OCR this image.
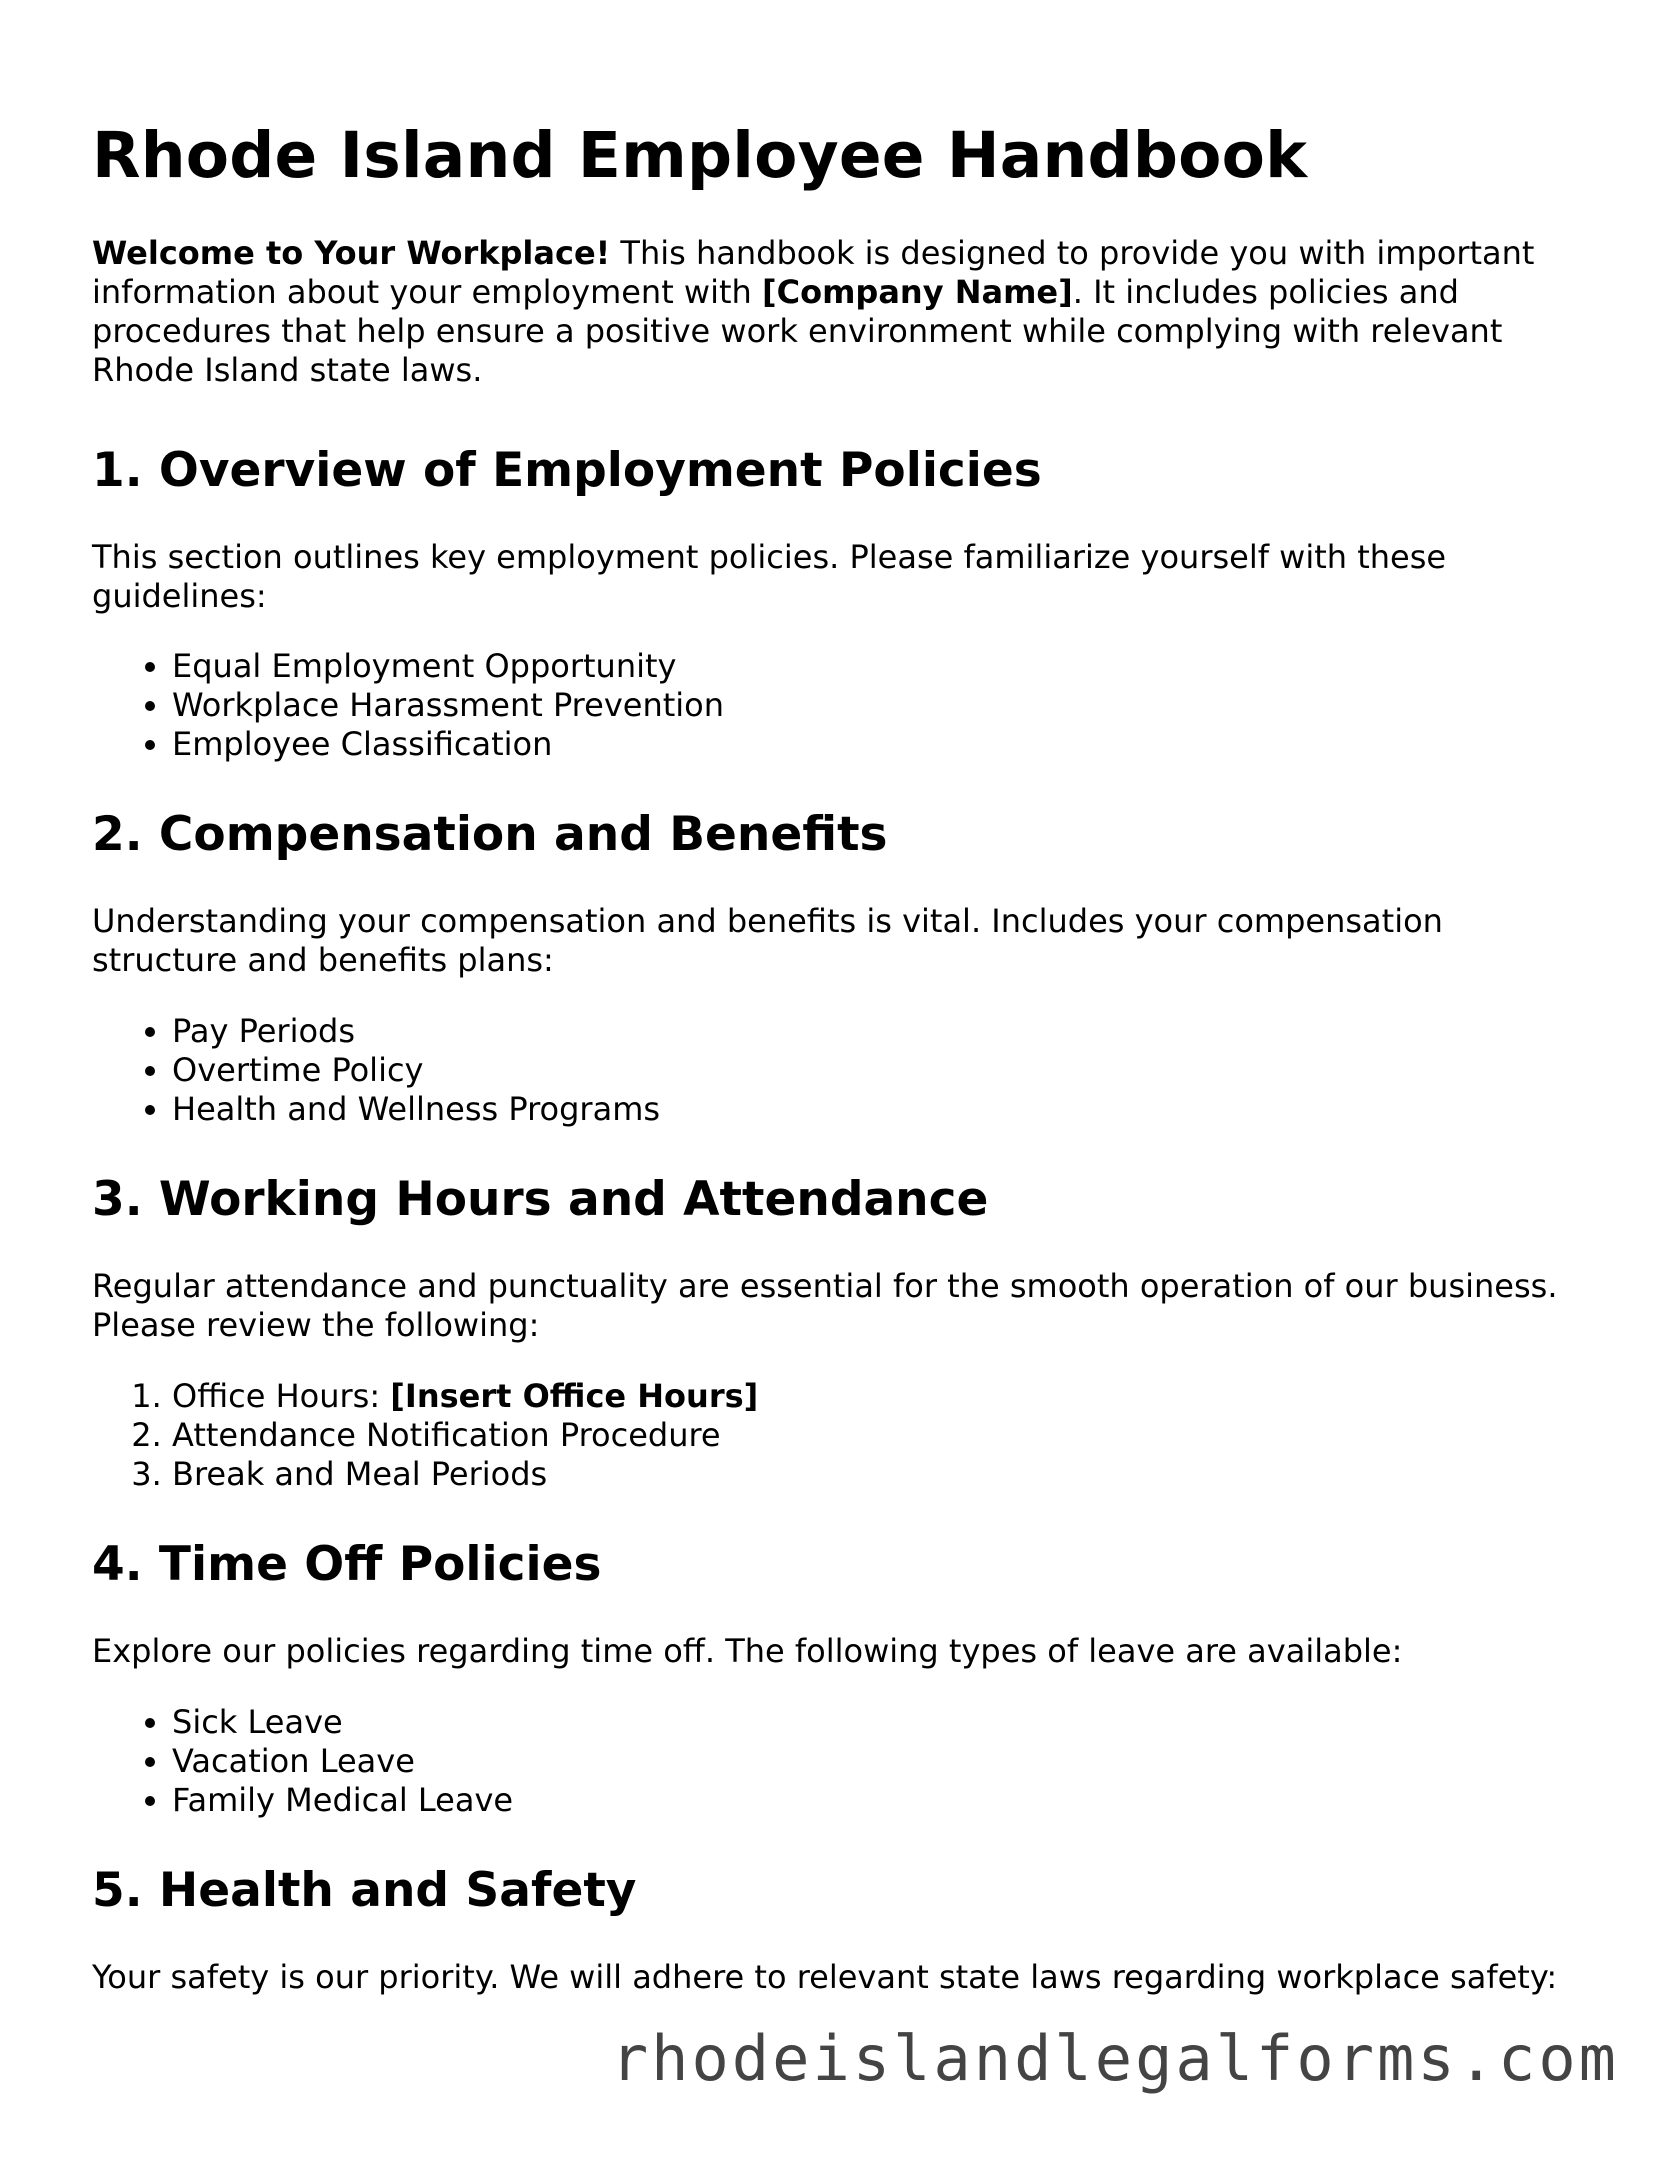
Rhode Island Employee Handbook

Welcome to Your Workplace! This handbook is designed to provide you with important information about your employment with [Company Name]. It includes policies and procedures that help ensure a positive work environment while complying with relevant Rhode Island state laws.

1. Overview of Employment Policies

This section outlines key employment policies. Please familiarize yourself with these guidelines:

• Equal Employment Opportunity
• Workplace Harassment Prevention
• Employee Classification
2. Compensation and Benefits

Understanding your compensation and benefits is vital. Includes your compensation structure and benefits plans:

• Pay Periods
• Overtime Policy
• Health and Wellness Programs
3. Working Hours and Attendance

Regular attendance and punctuality are essential for the smooth operation of our business. Please review the following:

1. Office Hours: [Insert Office Hours]
2. Attendance Notification Procedure
3. Break and Meal Periods
4. Time Off Policies

Explore our policies regarding time off. The following types of leave are available:

• Sick Leave
• Vacation Leave
• Family Medical Leave
5. Health and Safety

Your safety is our priority. We will adhere to relevant state laws regarding workplace safety:

rhodeislandlegalforms.com
